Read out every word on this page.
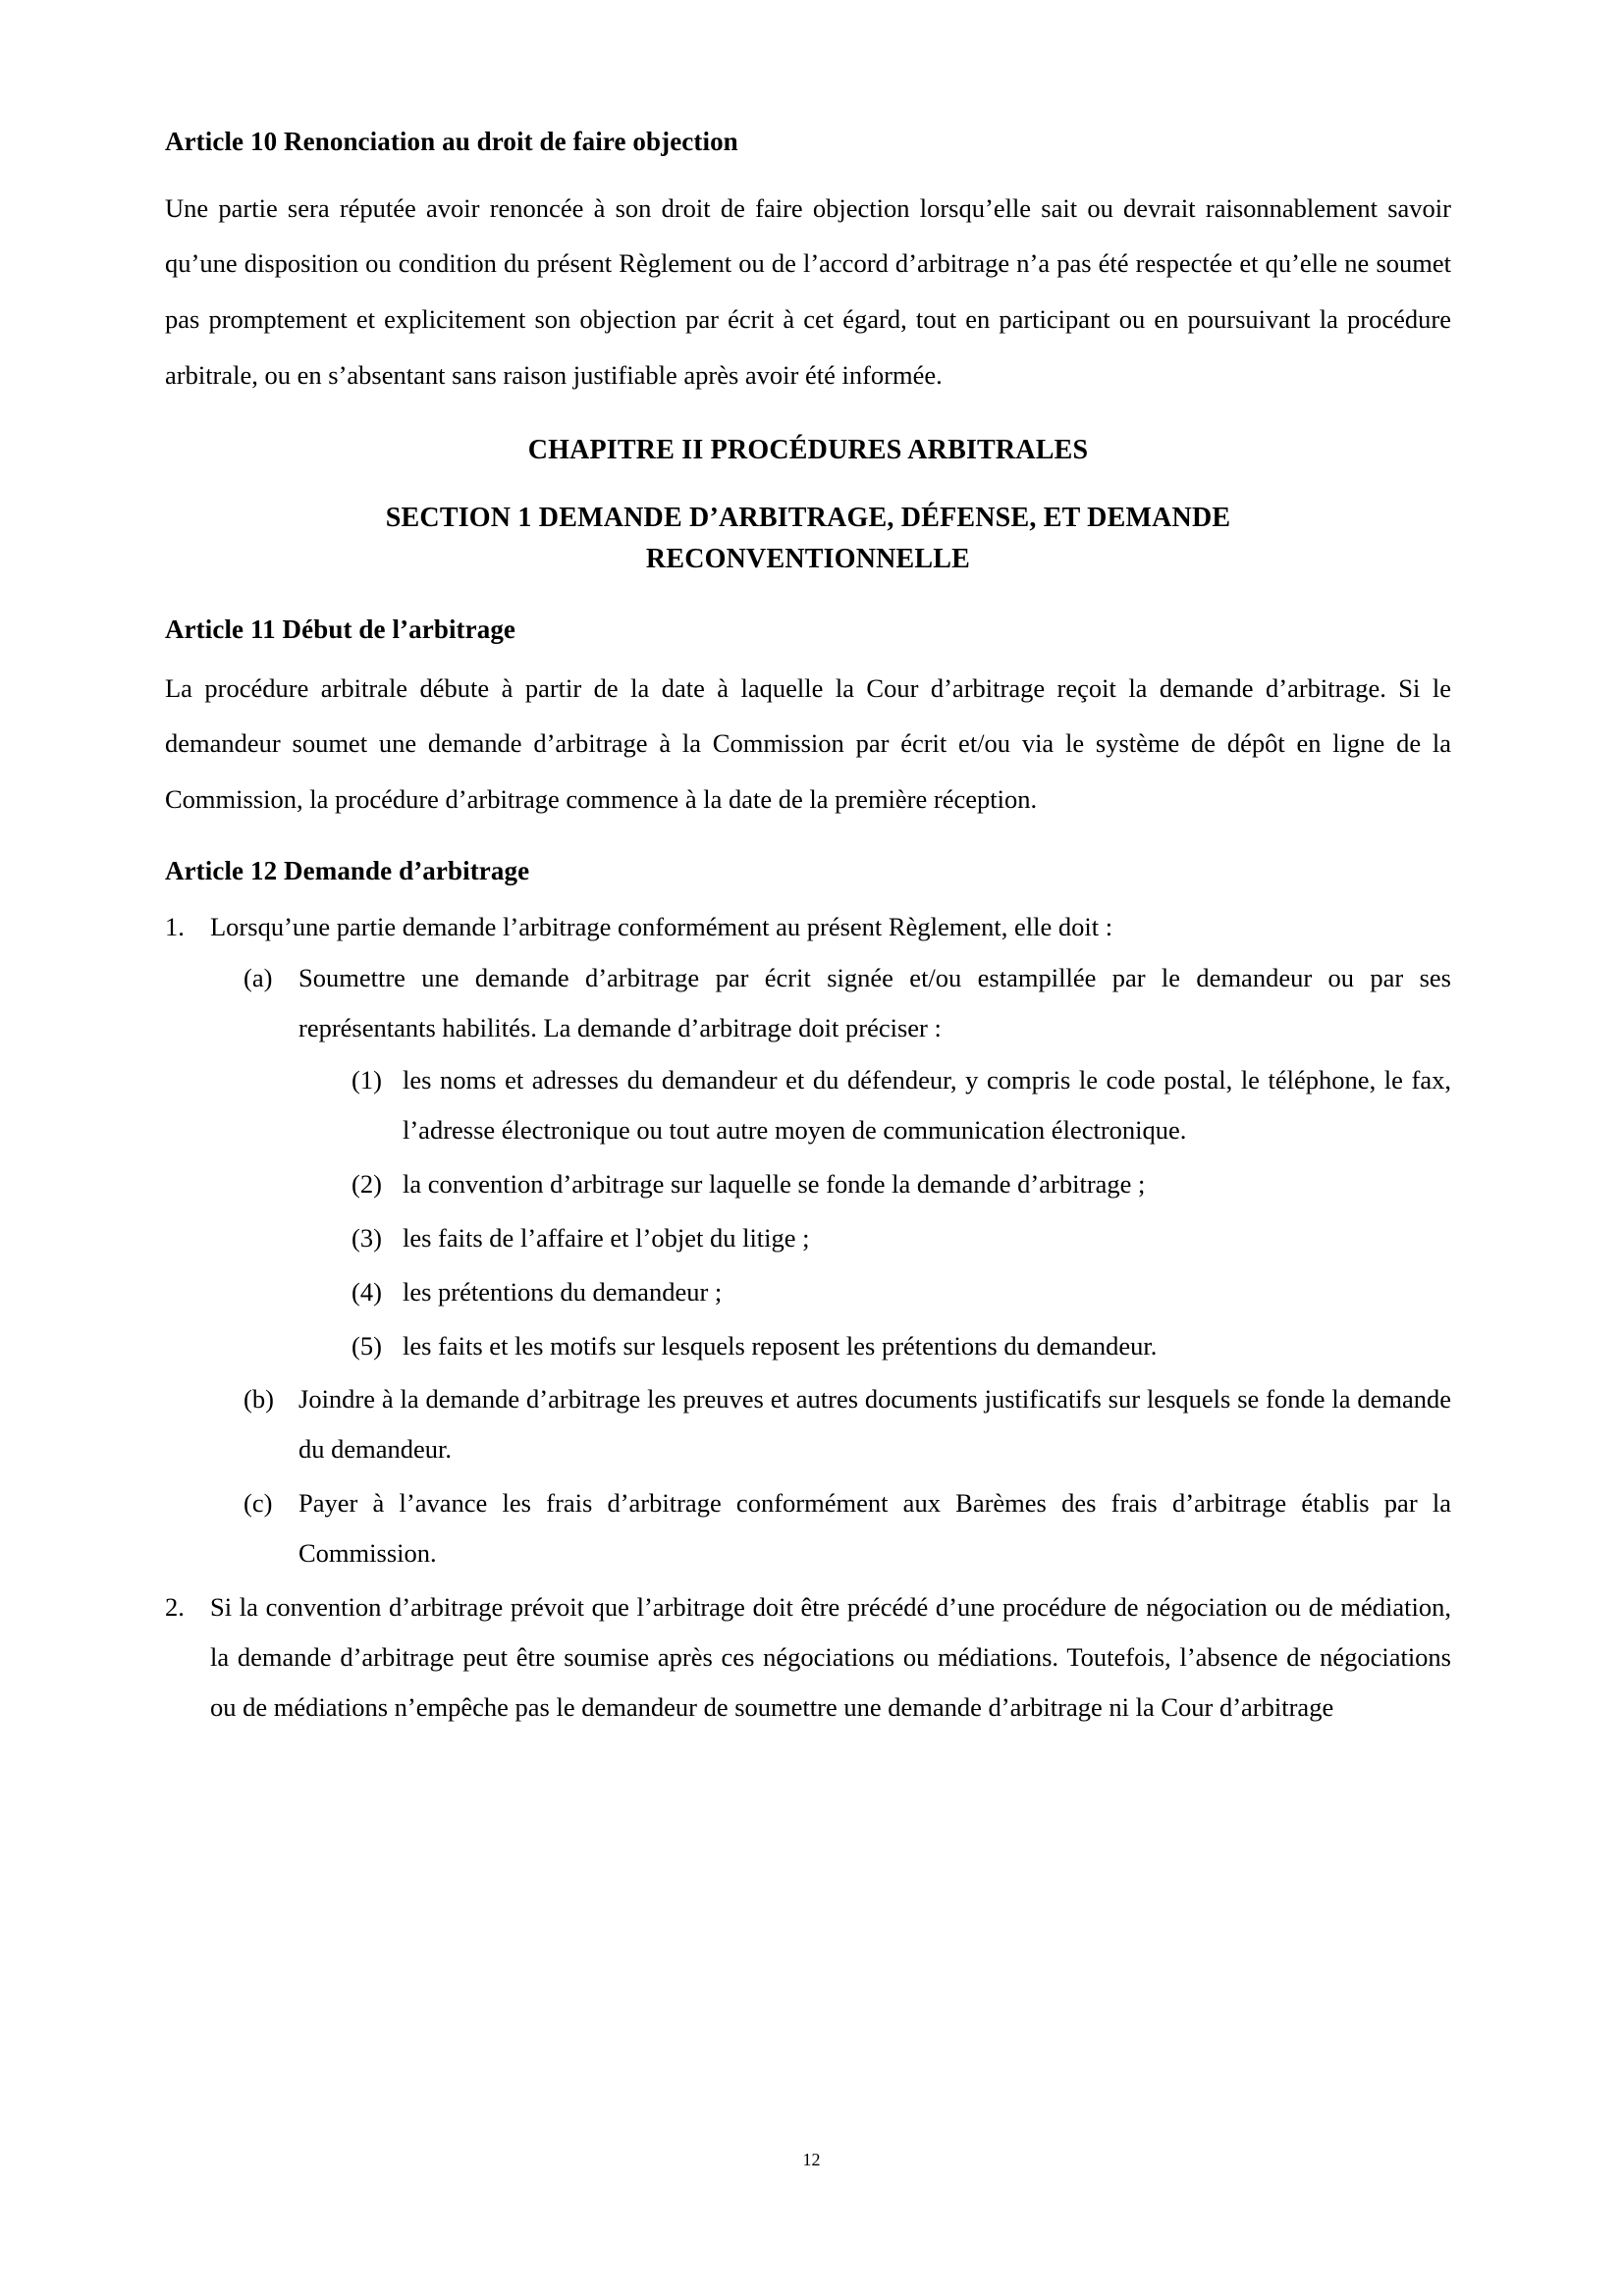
Article 10 Renonciation au droit de faire objection

Une partie sera réputée avoir renoncée à son droit de faire objection lorsqu’elle sait ou devrait raisonnablement savoir qu’une disposition ou condition du présent Règlement ou de l’accord d’arbitrage n’a pas été respectée et qu’elle ne soumet pas promptement et explicitement son objection par écrit à cet égard, tout en participant ou en poursuivant la procédure arbitrale, ou en s’absentant sans raison justifiable après avoir été informée.

CHAPITRE II PROCÉDURES ARBITRALES
SECTION 1 DEMANDE D’ARBITRAGE, DÉFENSE, ET DEMANDE
RECONVENTIONNELLE
Article 11 Début de l’arbitrage

La procédure arbitrale débute à partir de la date à laquelle la Cour d’arbitrage reçoit la demande d’arbitrage. Si le demandeur soumet une demande d’arbitrage à la Commission par écrit et/ou via le système de dépôt en ligne de la Commission, la procédure d’arbitrage commence à la date de la première réception.

Article 12 Demande d’arbitrage
1. Lorsqu’une partie demande l’arbitrage conformément au présent Règlement, elle doit :
(a)	Soumettre une demande d’arbitrage par écrit signée et/ou estampillée par le demandeur ou par ses représentants habilités. La demande d’arbitrage doit préciser :
(1) les noms et adresses du demandeur et du défendeur, y compris le code postal, le téléphone, le fax, l’adresse électronique ou tout autre moyen de communication électronique.
(2) la convention d’arbitrage sur laquelle se fonde la demande d’arbitrage ;
(3) les faits de l’affaire et l’objet du litige ;
(4) les prétentions du demandeur ;
(5) les faits et les motifs sur lesquels reposent les prétentions du demandeur.
(b) Joindre à la demande d’arbitrage les preuves et autres documents justificatifs sur lesquels se fonde la demande du demandeur.
(c)	Payer à l’avance les frais d’arbitrage conformément aux Barèmes des frais d’arbitrage établis par la Commission.
2. Si la convention d’arbitrage prévoit que l’arbitrage doit être précédé d’une procédure de négociation ou de médiation, la demande d’arbitrage peut être soumise après ces négociations ou médiations. Toutefois, l’absence de négociations ou de médiations n’empêche pas le demandeur de soumettre une demande d’arbitrage ni la Cour d’arbitrage
12
